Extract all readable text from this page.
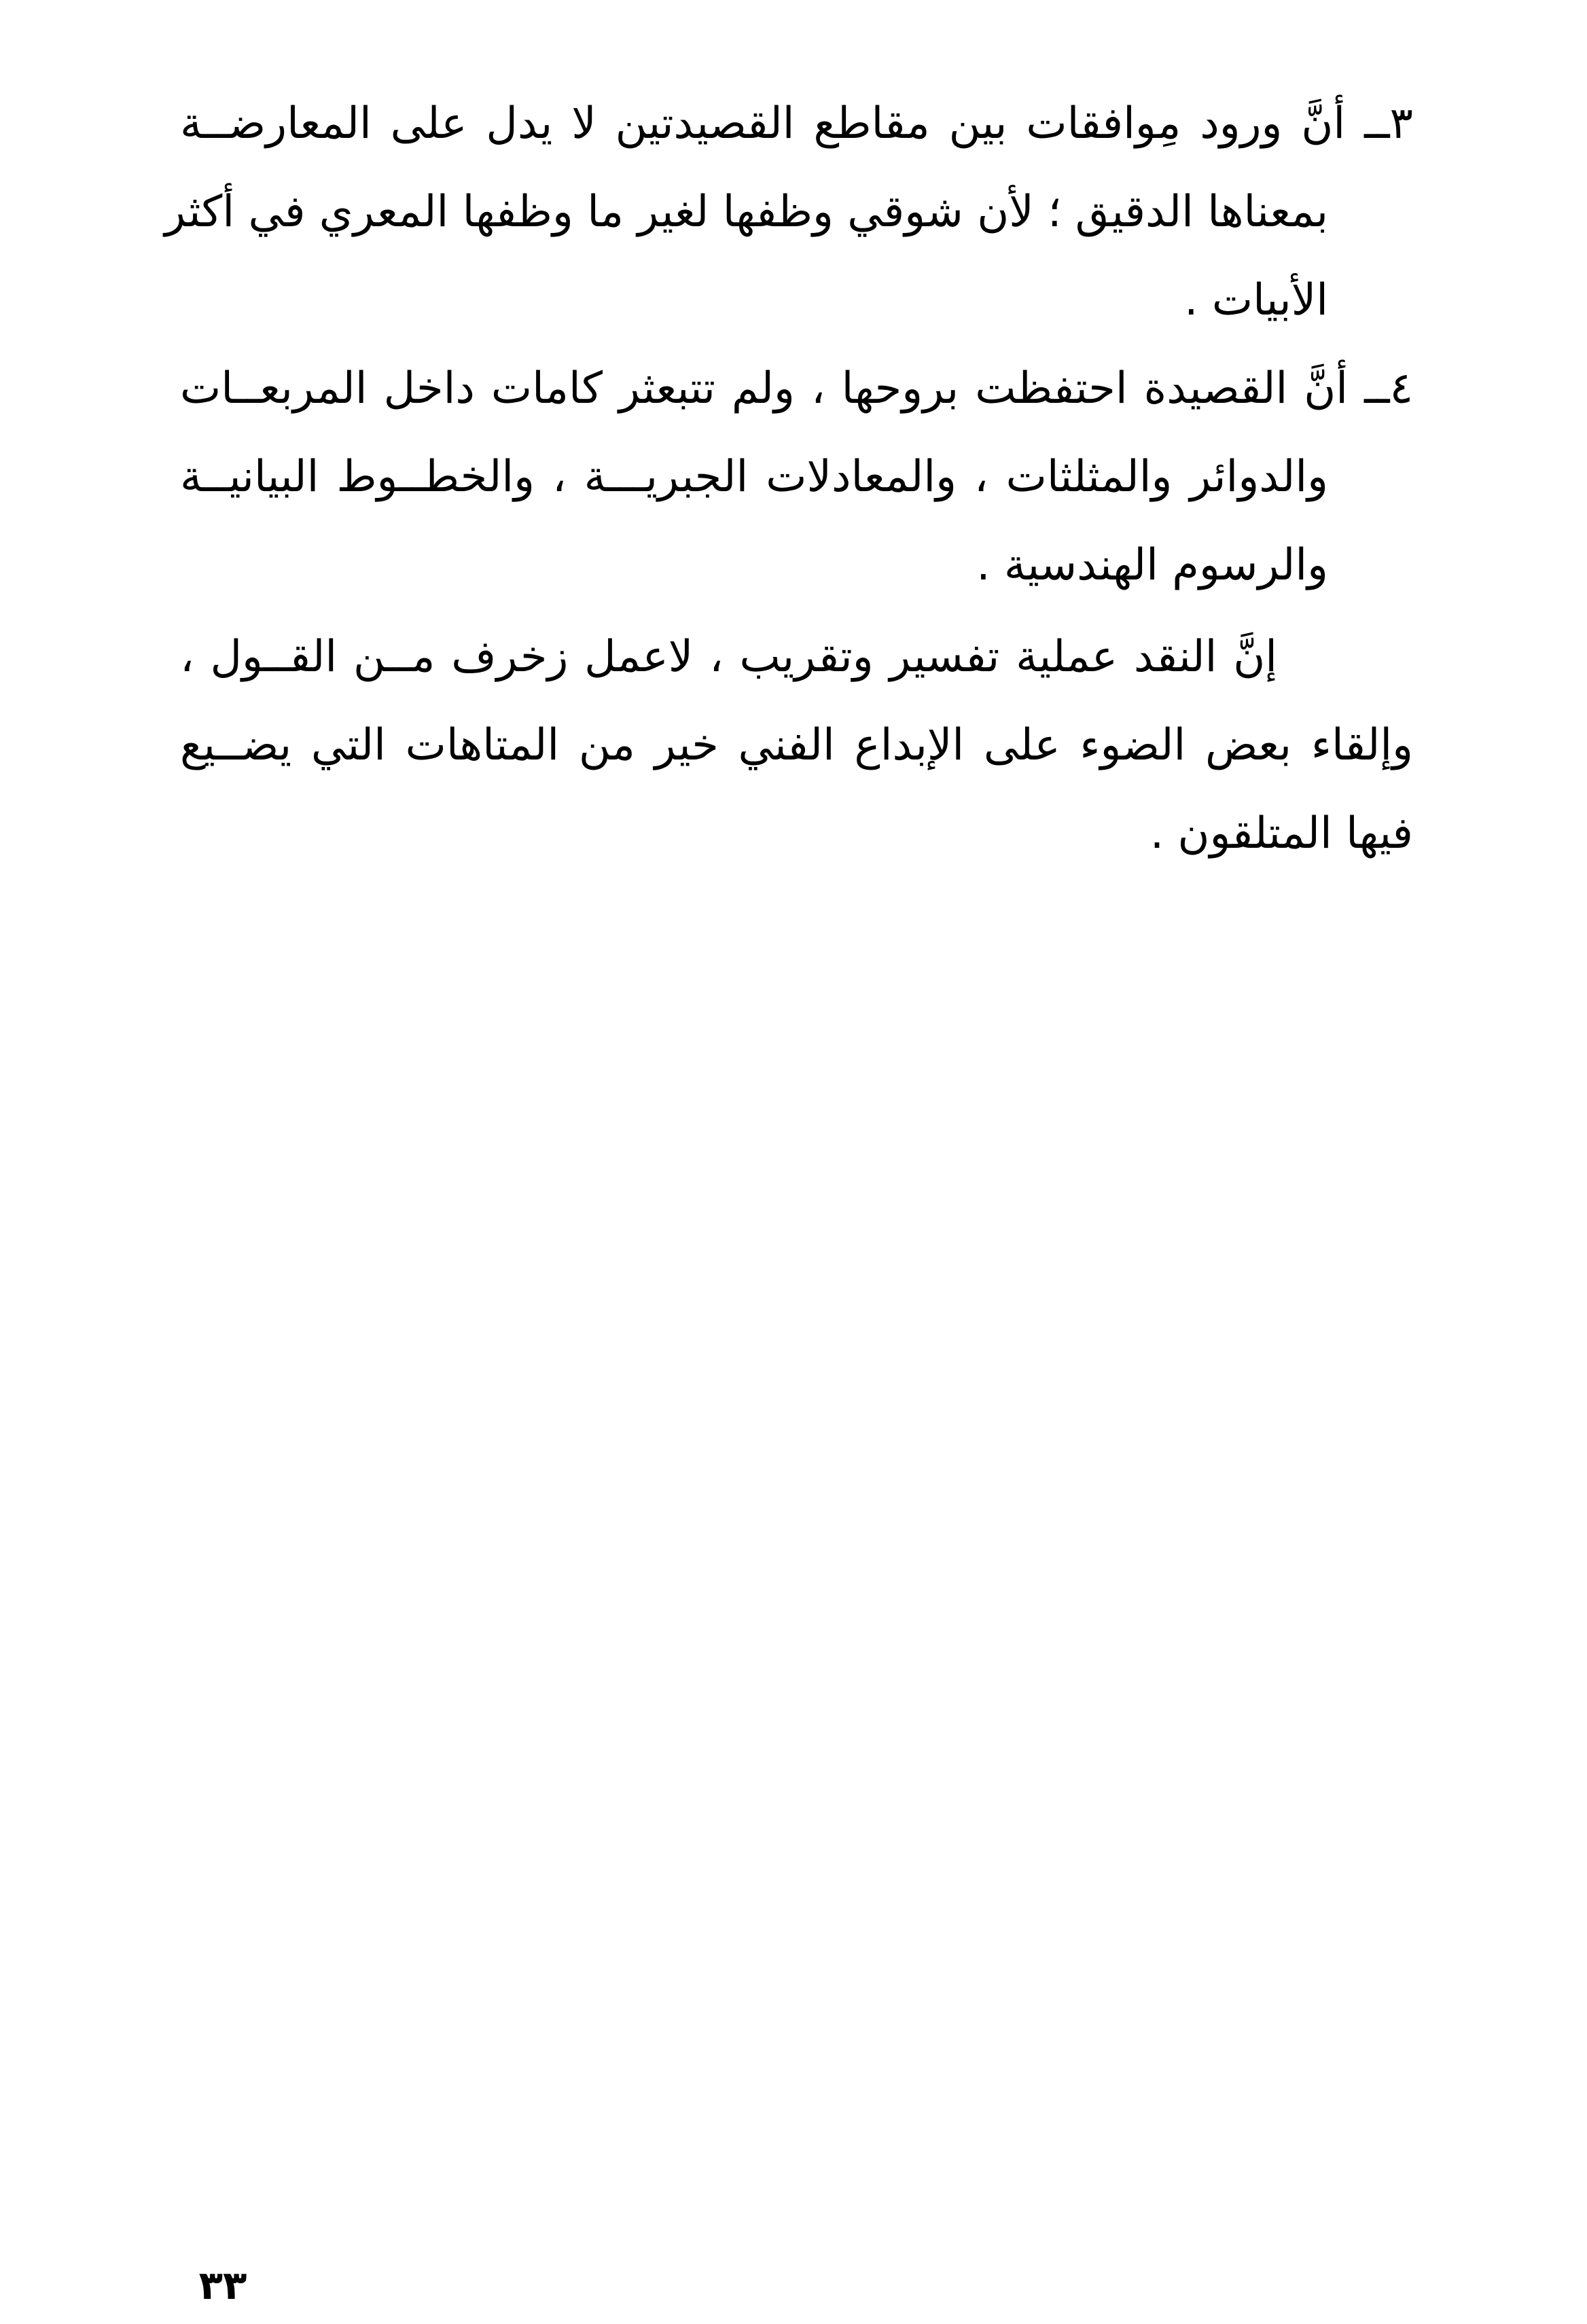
٣ــ أنَّ ورود مِوافقات بين مقاطع القصيدتين لا يدل على المعارضــة
بمعناها الدقيق ؛ لأن شوقي وظفها لغير ما وظفها المعري في أكثر
الأبيات .
٤ــ أنَّ القصيدة احتفظت بروحها ، ولم تتبعثر كامات داخل المربعــات
والدوائر والمثلثات ، والمعادلات الجبريـــة ، والخطــوط البيانيــة
والرسوم الهندسية .
إنَّ النقد عملية تفسير وتقريب ، لاعمل زخرف مــن القــول ،
وإلقاء بعض الضوء على الإبداع الفني خير من المتاهات التي يضــيع
فيها المتلقون .
٣٣
